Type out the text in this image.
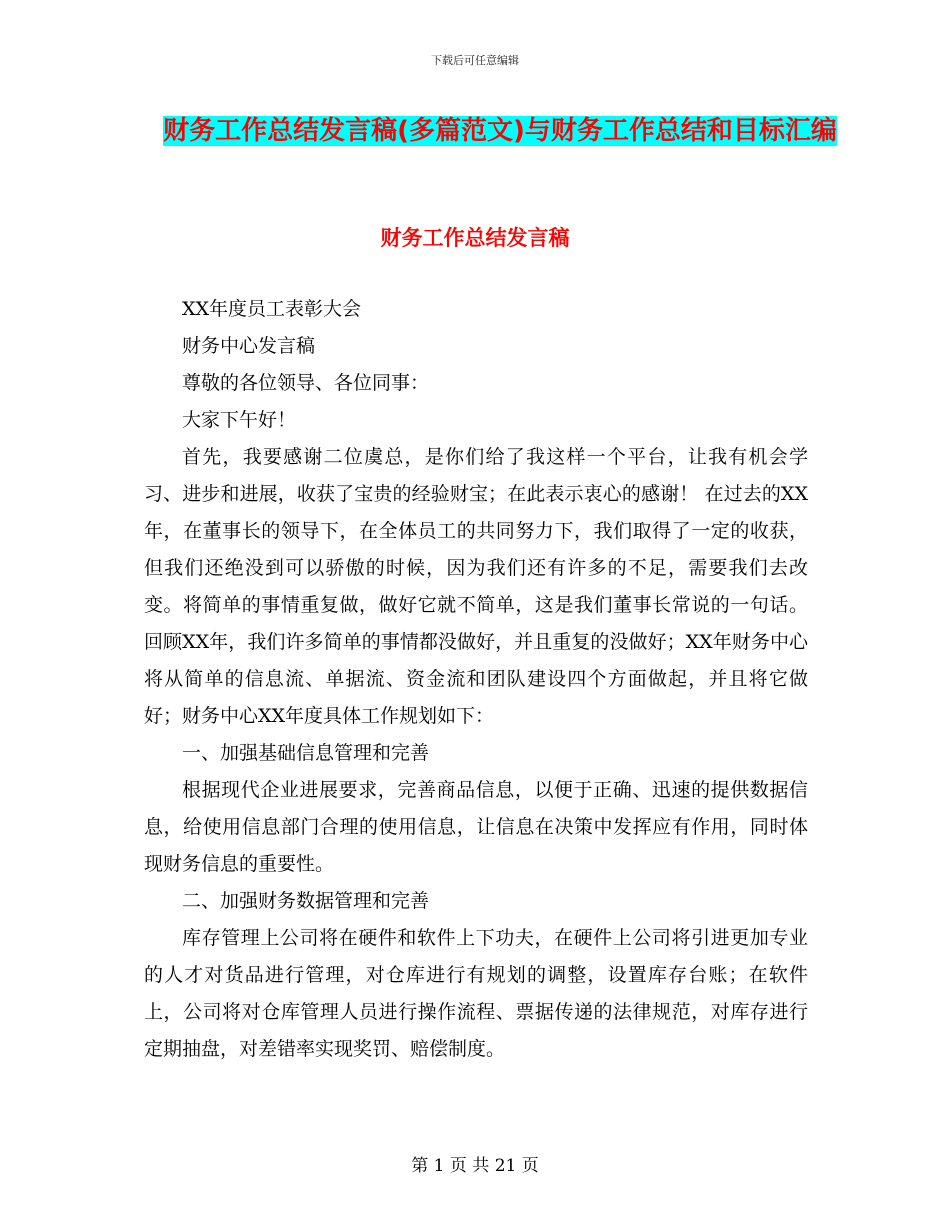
下载后可任意编辑
财务工作总结发言稿(多篇范文)与财务工作总结和目标汇编
财务工作总结发言稿

XX年度员工表彰大会

财务中心发言稿

尊敬的各位领导、各位同事：

大家下午好！

首先，我要感谢二位虞总，是你们给了我这样一个平台，让我有机会学习、进步和进展，收获了宝贵的经验财宝；在此表示衷心的感谢！ 在过去的XX年，在董事长的领导下，在全体员工的共同努力下，我们取得了一定的收获，但我们还绝没到可以骄傲的时候，因为我们还有许多的不足，需要我们去改变。将简单的事情重复做，做好它就不简单，这是我们董事长常说的一句话。回顾XX年，我们许多简单的事情都没做好，并且重复的没做好；XX年财务中心将从简单的信息流、单据流、资金流和团队建设四个方面做起，并且将它做好；财务中心XX年度具体工作规划如下：

一、加强基础信息管理和完善

根据现代企业进展要求，完善商品信息，以便于正确、迅速的提供数据信息，给使用信息部门合理的使用信息，让信息在决策中发挥应有作用，同时体现财务信息的重要性。

二、加强财务数据管理和完善

库存管理上公司将在硬件和软件上下功夫，在硬件上公司将引进更加专业的人才对货品进行管理，对仓库进行有规划的调整，设置库存台账；在软件上，公司将对仓库管理人员进行操作流程、票据传递的法律规范，对库存进行定期抽盘，对差错率实现奖罚、赔偿制度。

第 1 页 共 21 页
